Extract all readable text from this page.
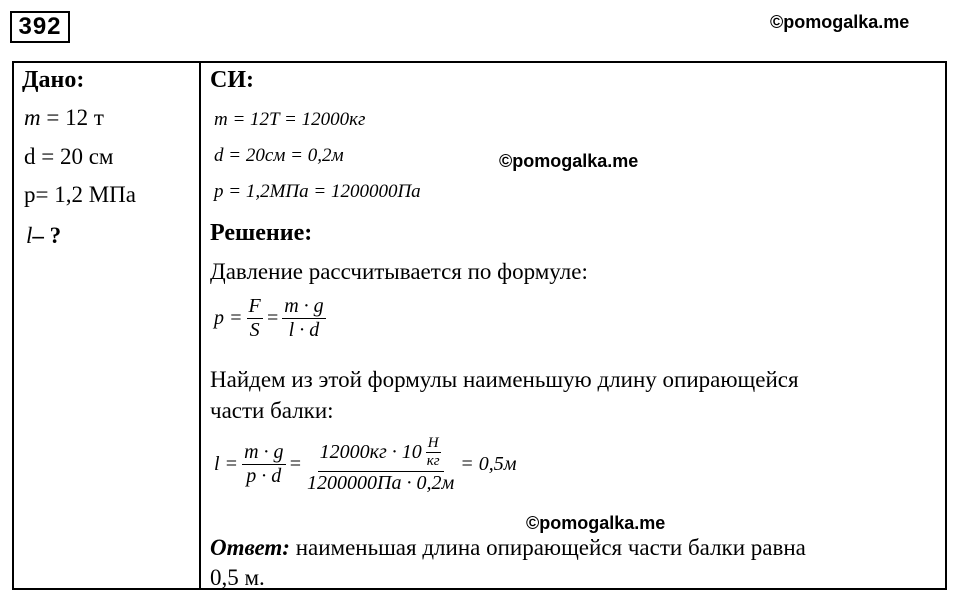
392	©pomogalka.me
Дано:
m = 12 т
d = 20 см
p= 1,2 МПа
l– ?
СИ:
m = 12T = 12000кг
d = 20см = 0,2м
p = 1,2МПа = 1200000Па
©pomogalka.me
Решение:
Давление рассчитывается по формуле:
$p = \frac{F}{S} = \frac{m \cdot g}{l \cdot d}$
Найдем из этой формулы наименьшую длину опирающейся
части балки:
$l = \frac{m \cdot g}{p \cdot d} = \frac{12000кг \cdot 10 \frac{Н}{кг}}{1200000Па \cdot 0,2м} = 0,5м$
©pomogalka.me
Ответ: наименьшая длина опирающейся части балки равна
0,5 м.
